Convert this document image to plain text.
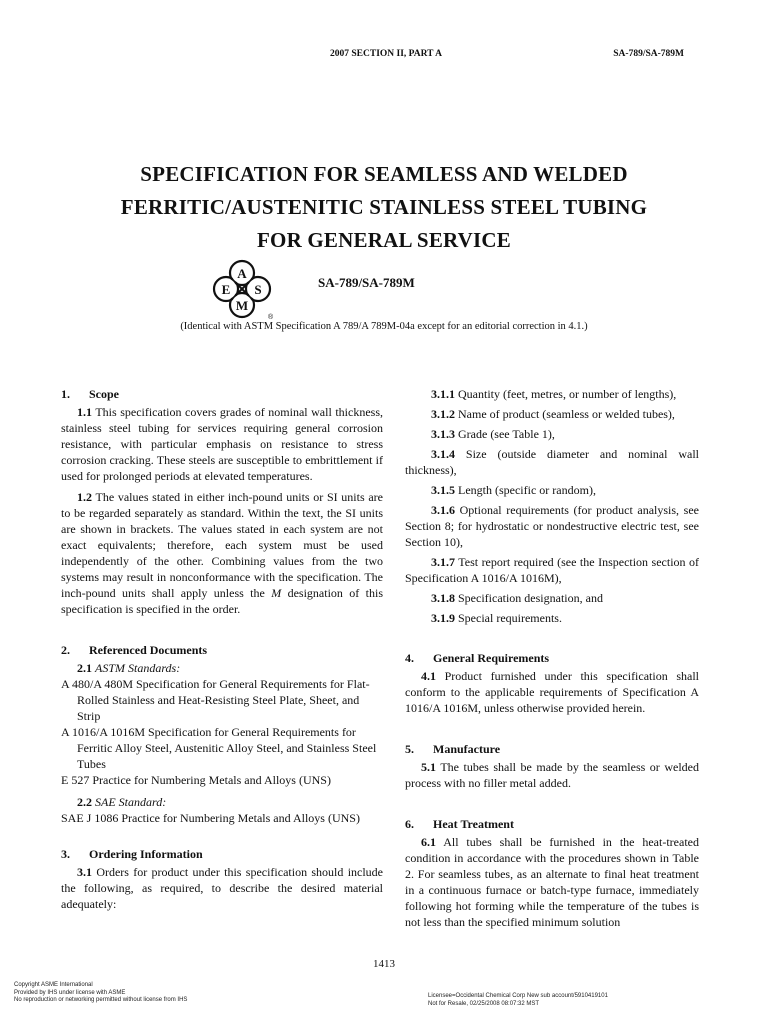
2007 SECTION II, PART A	SA-789/SA-789M
SPECIFICATION FOR SEAMLESS AND WELDED
FERRITIC/AUSTENITIC STAINLESS STEEL TUBING
FOR GENERAL SERVICE
A
E S
M
®
SA-789/SA-789M
(Identical with ASTM Specification A 789/A 789M-04a except for an editorial correction in 4.1.)
1. Scope
1.1 This specification covers grades of nominal wall thickness, stainless steel tubing for services requiring general corrosion resistance, with particular emphasis on resistance to stress corrosion cracking. These steels are susceptible to embrittlement if used for prolonged periods at elevated temperatures.
1.2 The values stated in either inch-pound units or SI units are to be regarded separately as standard. Within the text, the SI units are shown in brackets. The values stated in each system are not exact equivalents; therefore, each system must be used independently of the other. Combining values from the two systems may result in nonconformance with the specification. The inch-pound units shall apply unless the M designation of this specification is specified in the order.
2. Referenced Documents
2.1 ASTM Standards:
A 480/A 480M Specification for General Requirements for Flat-Rolled Stainless and Heat-Resisting Steel Plate, Sheet, and Strip
A 1016/A 1016M Specification for General Requirements for Ferritic Alloy Steel, Austenitic Alloy Steel, and Stainless Steel Tubes
E 527 Practice for Numbering Metals and Alloys (UNS)
2.2 SAE Standard:
SAE J 1086 Practice for Numbering Metals and Alloys (UNS)
3. Ordering Information
3.1 Orders for product under this specification should include the following, as required, to describe the desired material adequately:
3.1.1 Quantity (feet, metres, or number of lengths),
3.1.2 Name of product (seamless or welded tubes),
3.1.3 Grade (see Table 1),
3.1.4 Size (outside diameter and nominal wall thickness),
3.1.5 Length (specific or random),
3.1.6 Optional requirements (for product analysis, see Section 8; for hydrostatic or nondestructive electric test, see Section 10),
3.1.7 Test report required (see the Inspection section of Specification A 1016/A 1016M),
3.1.8 Specification designation, and
3.1.9 Special requirements.
4. General Requirements
4.1 Product furnished under this specification shall conform to the applicable requirements of Specification A 1016/A 1016M, unless otherwise provided herein.
5. Manufacture
5.1 The tubes shall be made by the seamless or welded process with no filler metal added.
6. Heat Treatment
6.1 All tubes shall be furnished in the heat-treated condition in accordance with the procedures shown in Table 2. For seamless tubes, as an alternate to final heat treatment in a continuous furnace or batch-type furnace, immediately following hot forming while the temperature of the tubes is not less than the specified minimum solution
1413
Copyright ASME International
Provided by IHS under license with ASME
No reproduction or networking permitted without license from IHS
Licensee=Occidental Chemical Corp New sub account/5910419101
Not for Resale, 02/25/2008 08:07:32 MST
